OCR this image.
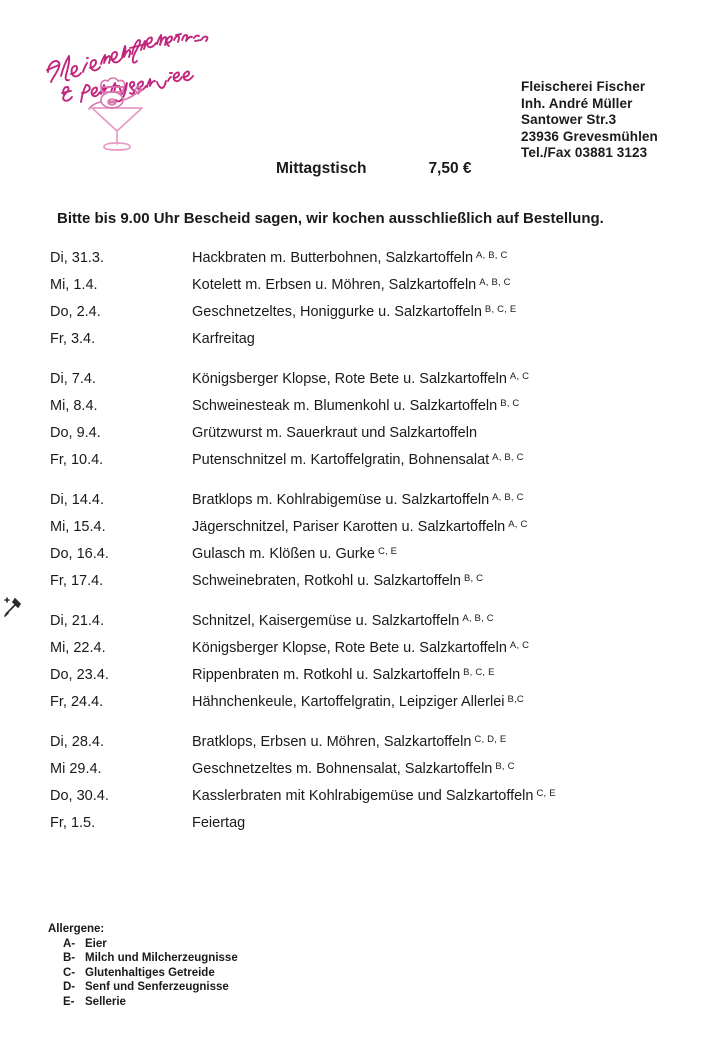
Fleischerei Fischer
Inh. André Müller
Santower Str.3
23936 Grevesmühlen
Tel./Fax 03881 3123
Mittagstisch	7,50 €
Bitte bis 9.00 Uhr Bescheid sagen, wir kochen ausschließlich auf Bestellung.
Di, 31.3.	Hackbraten m. Butterbohnen, Salzkartoffeln A, B, C
Mi, 1.4.	Kotelett m. Erbsen u. Möhren, Salzkartoffeln A, B, C
Do, 2.4.	Geschnetzeltes, Honiggurke u. Salzkartoffeln B, C, E
Fr, 3.4.	Karfreitag
Di, 7.4.	Königsberger Klopse, Rote Bete u. Salzkartoffeln A, C
Mi, 8.4.	Schweinesteak m. Blumenkohl u. Salzkartoffeln B, C
Do, 9.4.	Grützwurst m. Sauerkraut und Salzkartoffeln
Fr, 10.4.	Putenschnitzel m. Kartoffelgratin, Bohnensalat A, B, C
Di, 14.4.	Bratklops m. Kohlrabigemüse u. Salzkartoffeln A, B, C
Mi, 15.4.	Jägerschnitzel, Pariser Karotten u. Salzkartoffeln A, C
Do, 16.4.	Gulasch m. Klößen u. Gurke C, E
Fr, 17.4.	Schweinebraten, Rotkohl u. Salzkartoffeln B, C
Di, 21.4.	Schnitzel, Kaisergemüse u. Salzkartoffeln A, B, C
Mi, 22.4.	Königsberger Klopse, Rote Bete u. Salzkartoffeln A, C
Do, 23.4.	Rippenbraten m. Rotkohl u. Salzkartoffeln B, C, E
Fr, 24.4.	Hähnchenkeule, Kartoffelgratin, Leipziger Allerlei B,C
Di, 28.4.	Bratklops, Erbsen u. Möhren, Salzkartoffeln C, D, E
Mi 29.4.	Geschnetzeltes m. Bohnensalat, Salzkartoffeln B, C
Do, 30.4.	Kasslerbraten mit Kohlrabigemüse und Salzkartoffeln C, E
Fr, 1.5.	Feiertag
Allergene:
A- Eier
B- Milch und Milcherzeugnisse
C- Glutenhaltiges Getreide
D- Senf und Senferzeugnisse
E- Sellerie
